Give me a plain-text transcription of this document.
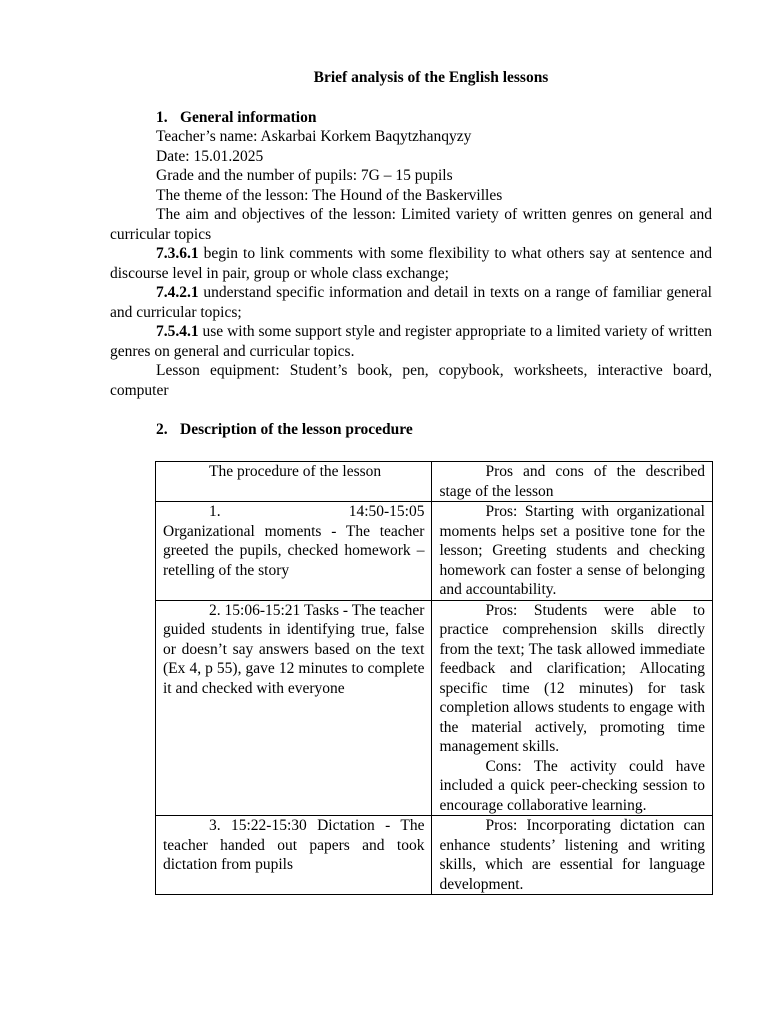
Brief analysis of the English lessons

1. General information

Teacher’s name: Askarbai Korkem Baqytzhanqyzy

Date: 15.01.2025

Grade and the number of pupils: 7G – 15 pupils

The theme of the lesson: The Hound of the Baskervilles

The aim and objectives of the lesson: Limited variety of written genres on general and curricular topics

7.3.6.1 begin to link comments with some flexibility to what others say at sentence and discourse level in pair, group or whole class exchange;

7.4.2.1 understand specific information and detail in texts on a range of familiar general and curricular topics;

7.5.4.1 use with some support style and register appropriate to a limited variety of written genres on general and curricular topics.

Lesson equipment: Student’s book, pen, copybook, worksheets, interactive board, computer

2. Description of the lesson procedure

The procedure of the lesson	Pros and cons of the described stage of the lesson

1. 14:50-15:05

Organizational moments - The teacher greeted the pupils, checked homework – retelling of the story	Pros: Starting with organizational moments helps set a positive tone for the lesson; Greeting students and checking homework can foster a sense of belonging and accountability.

2. 15:06-15:21 Tasks - The teacher guided students in identifying true, false or doesn’t say answers based on the text (Ex 4, p 55), gave 12 minutes to complete it and checked with everyone	Pros: Students were able to practice comprehension skills directly from the text; The task allowed immediate feedback and clarification; Allocating specific time (12 minutes) for task completion allows students to engage with the material actively, promoting time management skills.

Cons: The activity could have included a quick peer-checking session to encourage collaborative learning.

3. 15:22-15:30 Dictation - The teacher handed out papers and took dictation from pupils	Pros: Incorporating dictation can enhance students’ listening and writing skills, which are essential for language development.
